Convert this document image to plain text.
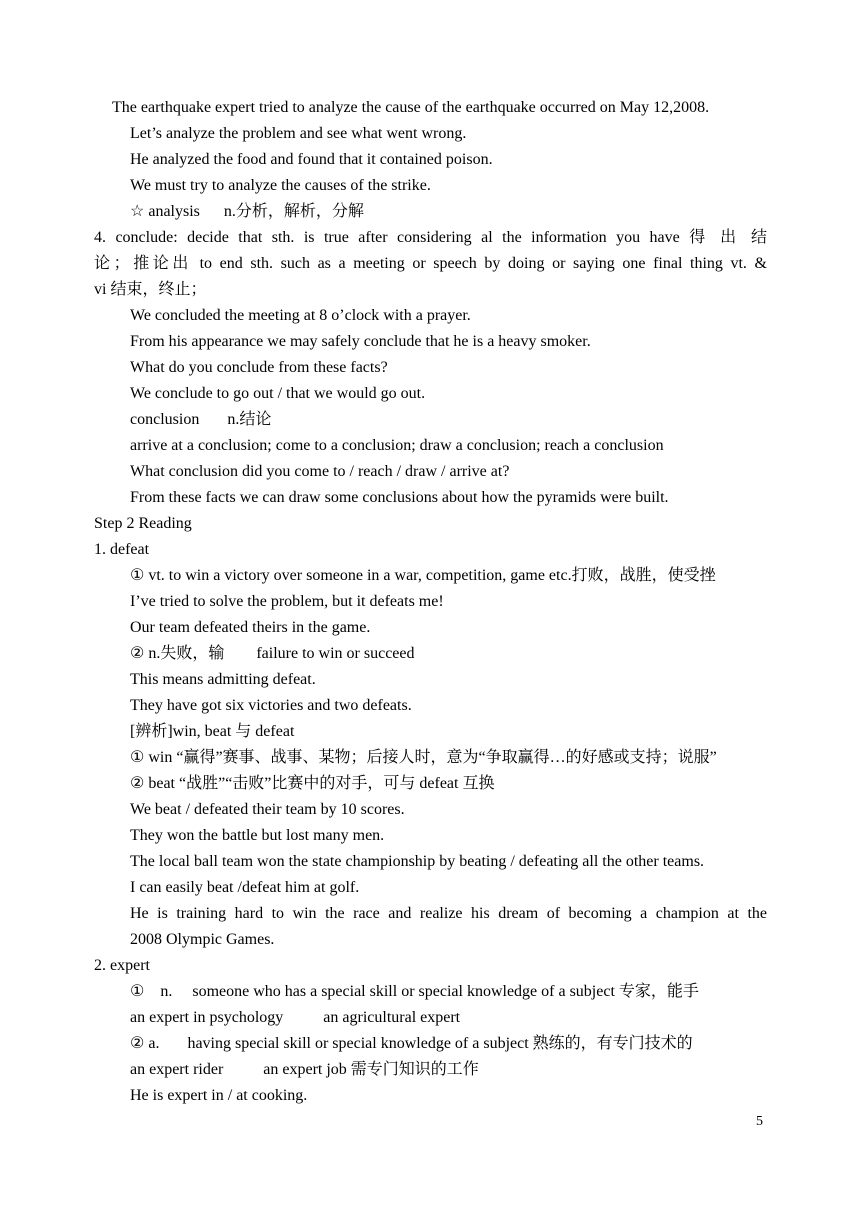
The earthquake expert tried to analyze the cause of the earthquake occurred on May 12,2008.
Let’s analyze the problem and see what went wrong.
He analyzed the food and found that it contained poison.
We must try to analyze the causes of the strike.
☆ analysis      n.分析，解析，分解
4. conclude: decide that sth. is true after considering al the information you have 得 出 结
论；推论出 to end sth. such as a meeting or speech by doing or saying one final thing vt. &
vi 结束，终止；
We concluded the meeting at 8 o’clock with a prayer.
From his appearance we may safely conclude that he is a heavy smoker.
What do you conclude from these facts?
We conclude to go out / that we would go out.
conclusion       n.结论
arrive at a conclusion; come to a conclusion; draw a conclusion; reach a conclusion
What conclusion did you come to / reach / draw / arrive at?
From these facts we can draw some conclusions about how the pyramids were built.
Step 2 Reading
1. defeat
① vt. to win a victory over someone in a war, competition, game etc.打败，战胜，使受挫
I’ve tried to solve the problem, but it defeats me!
Our team defeated theirs in the game.
② n.失败，输        failure to win or succeed
This means admitting defeat.
They have got six victories and two defeats.
[辨析]win, beat 与 defeat
① win “赢得”赛事、战事、某物；后接人时，意为“争取赢得…的好感或支持；说服”
② beat “战胜”“击败”比赛中的对手，可与 defeat 互换
We beat / defeated their team by 10 scores.
They won the battle but lost many men.
The local ball team won the state championship by beating / defeating all the other teams.
I can easily beat /defeat him at golf.
He is training hard to win the race and realize his dream of becoming a champion at the
2008 Olympic Games.
2. expert
①    n.     someone who has a special skill or special knowledge of a subject 专家，能手
an expert in psychology          an agricultural expert
② a.       having special skill or special knowledge of a subject 熟练的，有专门技术的
an expert rider          an expert job 需专门知识的工作
He is expert in / at cooking.
5
